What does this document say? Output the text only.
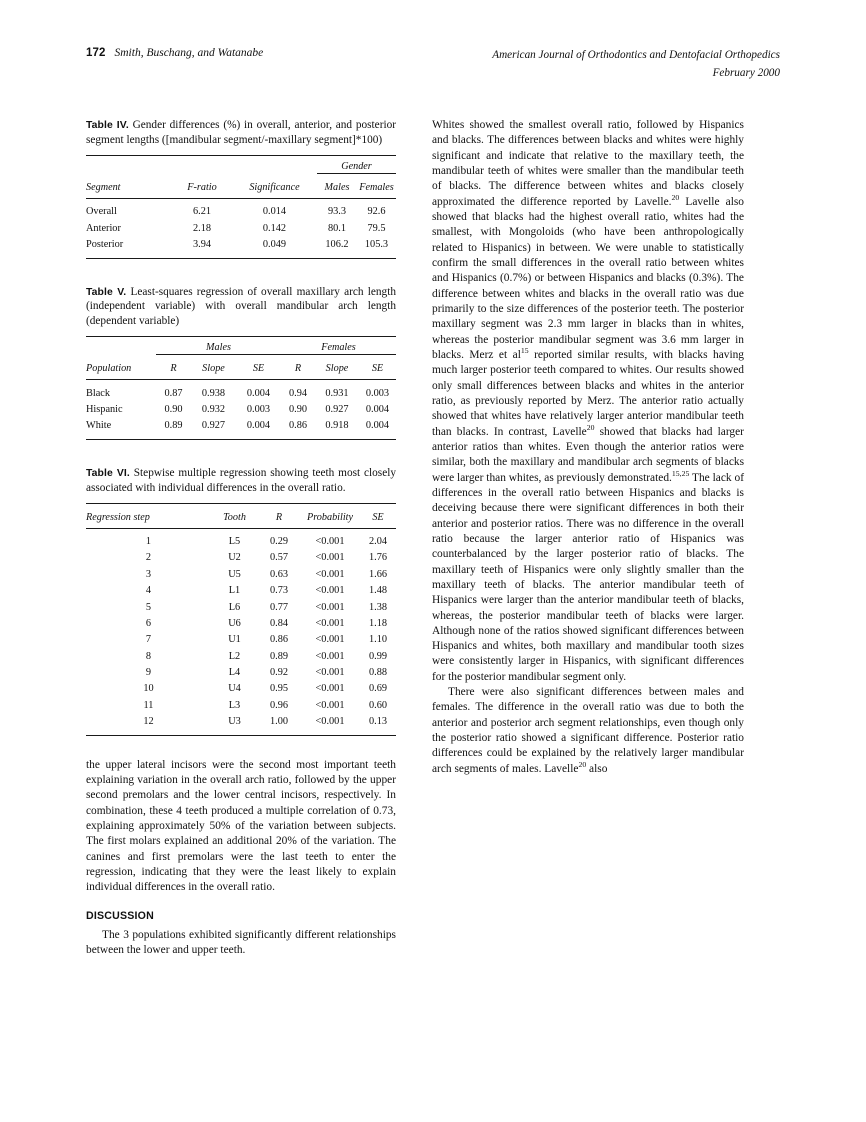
172 Smith, Buschang, and Watanabe	American Journal of Orthodontics and Dentofacial Orthopedics
February 2000
Table IV. Gender differences (%) in overall, anterior, and posterior segment lengths ([mandibular segment/-maxillary segment]*100)
			Gender	
Segment	F-ratio	Significance	Males	Females
Overall	6.21	0.014	93.3	92.6
Anterior	2.18	0.142	80.1	79.5
Posterior	3.94	0.049	106.2	105.3
Table V. Least-squares regression of overall maxillary arch length (independent variable) with overall mandibular arch length (dependent variable)
	Males			Females		
Population	R	Slope	SE	R	Slope	SE
Black	0.87	0.938	0.004	0.94	0.931	0.003
Hispanic	0.90	0.932	0.003	0.90	0.927	0.004
White	0.89	0.927	0.004	0.86	0.918	0.004
Table VI. Stepwise multiple regression showing teeth most closely associated with individual differences in the overall ratio.
Regression step	Tooth	R	Probability	SE
1	L5	0.29	<0.001	2.04
2	U2	0.57	<0.001	1.76
3	U5	0.63	<0.001	1.66
4	L1	0.73	<0.001	1.48
5	L6	0.77	<0.001	1.38
6	U6	0.84	<0.001	1.18
7	U1	0.86	<0.001	1.10
8	L2	0.89	<0.001	0.99
9	L4	0.92	<0.001	0.88
10	U4	0.95	<0.001	0.69
11	L3	0.96	<0.001	0.60
12	U3	1.00	<0.001	0.13

the upper lateral incisors were the second most important teeth explaining variation in the overall arch ratio, followed by the upper second premolars and the lower central incisors, respectively. In combination, these 4 teeth produced a multiple correlation of 0.73, explaining approximately 50% of the variation between subjects. The first molars explained an additional 20% of the variation. The canines and first premolars were the last teeth to enter the regression, indicating that they were the least likely to explain individual differences in the overall ratio.

DISCUSSION

The 3 populations exhibited significantly different relationships between the lower and upper teeth.

Whites showed the smallest overall ratio, followed by Hispanics and blacks. The differences between blacks and whites were highly significant and indicate that relative to the maxillary teeth, the mandibular teeth of whites were smaller than the mandibular teeth of blacks. The difference between whites and blacks closely approximated the difference reported by Lavelle.$^{20}$ Lavelle also showed that blacks had the highest overall ratio, whites had the smallest, with Mongoloids (who have been anthropologically related to Hispanics) in between. We were unable to statistically confirm the small differences in the overall ratio between whites and Hispanics (0.7%) or between Hispanics and blacks (0.3%). The difference between whites and blacks in the overall ratio was due primarily to the size differences of the posterior teeth. The posterior maxillary segment was 2.3 mm larger in blacks than in whites, whereas the posterior mandibular segment was 3.6 mm larger in blacks. Merz et $al^{15}$ reported similar results, with blacks having much larger posterior teeth compared to whites. Our results showed only small differences between blacks and whites in the anterior ratio, as previously reported by Merz. The anterior ratio actually showed that whites have relatively larger anterior mandibular teeth than blacks. In contrast, Lavelle$^{20}$ showed that blacks had larger anterior ratios than whites. Even though the anterior ratios were similar, both the maxillary and mandibular arch segments of blacks were larger than whites, as previously demonstrated.$^{15,25}$ The lack of differences in the overall ratio between Hispanics and blacks is deceiving because there were significant differences in both their anterior and posterior ratios. There was no difference in the overall ratio because the larger anterior ratio of Hispanics was counterbalanced by the larger posterior ratio of blacks. The maxillary teeth of Hispanics were only slightly smaller than the maxillary teeth of blacks. The anterior mandibular teeth of Hispanics were larger than the anterior mandibular teeth of blacks, whereas, the posterior mandibular teeth of blacks were larger. Although none of the ratios showed significant differences between Hispanics and whites, both maxillary and mandibular tooth sizes were consistently larger in Hispanics, with significant differences for the posterior mandibular segment only.

There were also significant differences between males and females. The difference in the overall ratio was due to both the anterior and posterior arch segment relationships, even though only the posterior ratio showed a significant difference. Posterior ratio differences could be explained by the relatively larger mandibular arch segments of males. Lavelle$^{20}$ also
